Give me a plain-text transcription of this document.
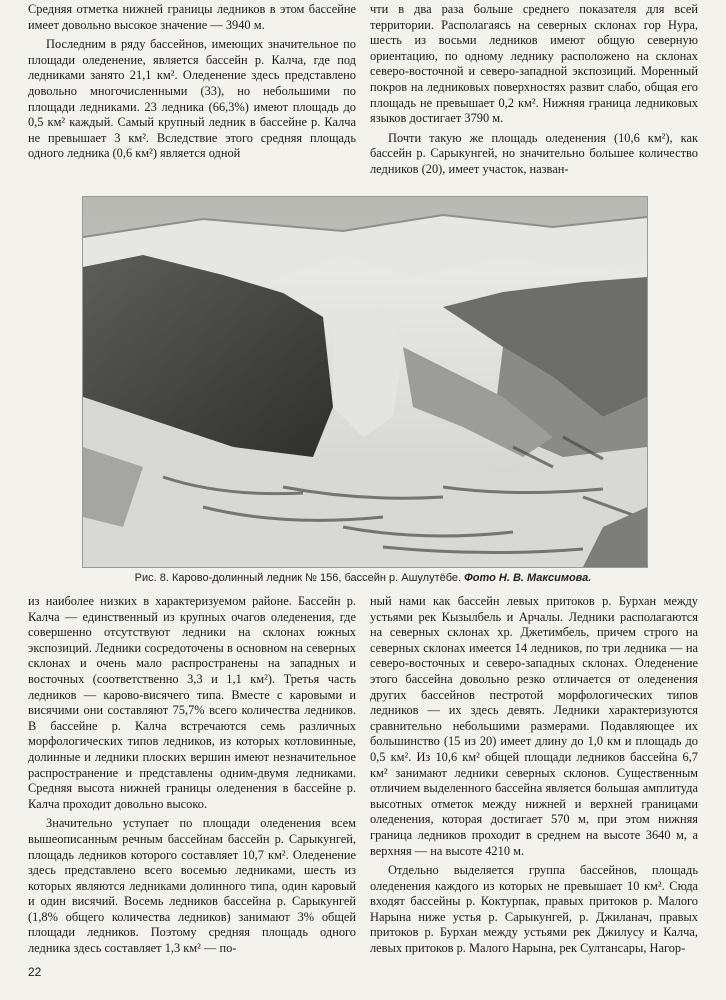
Средняя отметка нижней границы ледников в этом бассейне имеет довольно высокое значение — 3940 м.

Последним в ряду бассейнов, имеющих значительное по площади оледенение, является бассейн р. Калча, где под ледниками занято 21,1 км². Оледенение здесь представлено довольно многочисленными (33), но небольшими по площади ледниками. 23 ледника (66,3%) имеют площадь до 0,5 км² каждый. Самый крупный ледник в бассейне р. Калча не превышает 3 км². Вследствие этого средняя площадь одного ледника (0,6 км²) является одной

чти в два раза больше среднего показателя для всей территории. Располагаясь на северных склонах гор Нура, шесть из восьми ледников имеют общую северную ориентацию, по одному леднику расположено на склонах северо-восточной и северо-западной экспозиций. Моренный покров на ледниковых поверхностях развит слабо, общая его площадь не превышает 0,2 км². Нижняя граница ледниковых языков достигает 3790 м.

Почти такую же площадь оледенения (10,6 км²), как бассейн р. Сарыкунгей, но значительно большее количество ледников (20), имеет участок, назван-

Рис. 8. Карово-долинный ледник № 156, бассейн р. Ашулутёбе. Фото Н. В. Максимова.

из наиболее низких в характеризуемом районе. Бассейн р. Калча — единственный из крупных очагов оледенения, где совершенно отсутствуют ледники на склонах южных экспозиций. Ледники сосредоточены в основном на северных склонах и очень мало распространены на западных и восточных (соответственно 3,3 и 1,1 км²). Третья часть ледников — карово-висячего типа. Вместе с каровыми и висячими они составляют 75,7% всего количества ледников. В бассейне р. Калча встречаются семь различных морфологических типов ледников, из которых котловинные, долинные и ледники плоских вершин имеют незначительное распространение и представлены одним-двумя ледниками. Средняя высота нижней границы оледенения в бассейне р. Калча проходит довольно высоко.

Значительно уступает по площади оледенения всем вышеописанным речным бассейнам бассейн р. Сарыкунгей, площадь ледников которого составляет 10,7 км². Оледенение здесь представлено всего восемью ледниками, шесть из которых являются ледниками долинного типа, один каровый и один висячий. Восемь ледников бассейна р. Сарыкунгей (1,8% общего количества ледников) занимают 3% общей площади ледников. Поэтому средняя площадь одного ледника здесь составляет 1,3 км² — по-

ный нами как бассейн левых притоков р. Бурхан между устьями рек Кызылбель и Арчалы. Ледники располагаются на северных склонах хр. Джетимбель, причем строго на северных склонах имеется 14 ледников, по три ледника — на северо-восточных и северо-западных склонах. Оледенение этого бассейна довольно резко отличается от оледенения других бассейнов пестротой морфологических типов ледников — их здесь девять. Ледники характеризуются сравнительно небольшими размерами. Подавляющее их большинство (15 из 20) имеет длину до 1,0 км и площадь до 0,5 км². Из 10,6 км² общей площади ледников бассейна 6,7 км² занимают ледники северных склонов. Существенным отличием выделенного бассейна является большая амплитуда высотных отметок между нижней и верхней границами оледенения, которая достигает 570 м, при этом нижняя граница ледников проходит в среднем на высоте 3640 м, а верхняя — на высоте 4210 м.

Отдельно выделяется группа бассейнов, площадь оледенения каждого из которых не превышает 10 км². Сюда входят бассейны р. Коктурпак, правых притоков р. Малого Нарына ниже устья р. Сарыкунгей, р. Джиланач, правых притоков р. Бурхан между устьями рек Джилусу и Калча, левых притоков р. Малого Нарына, рек Султансары, Нагор-

22
